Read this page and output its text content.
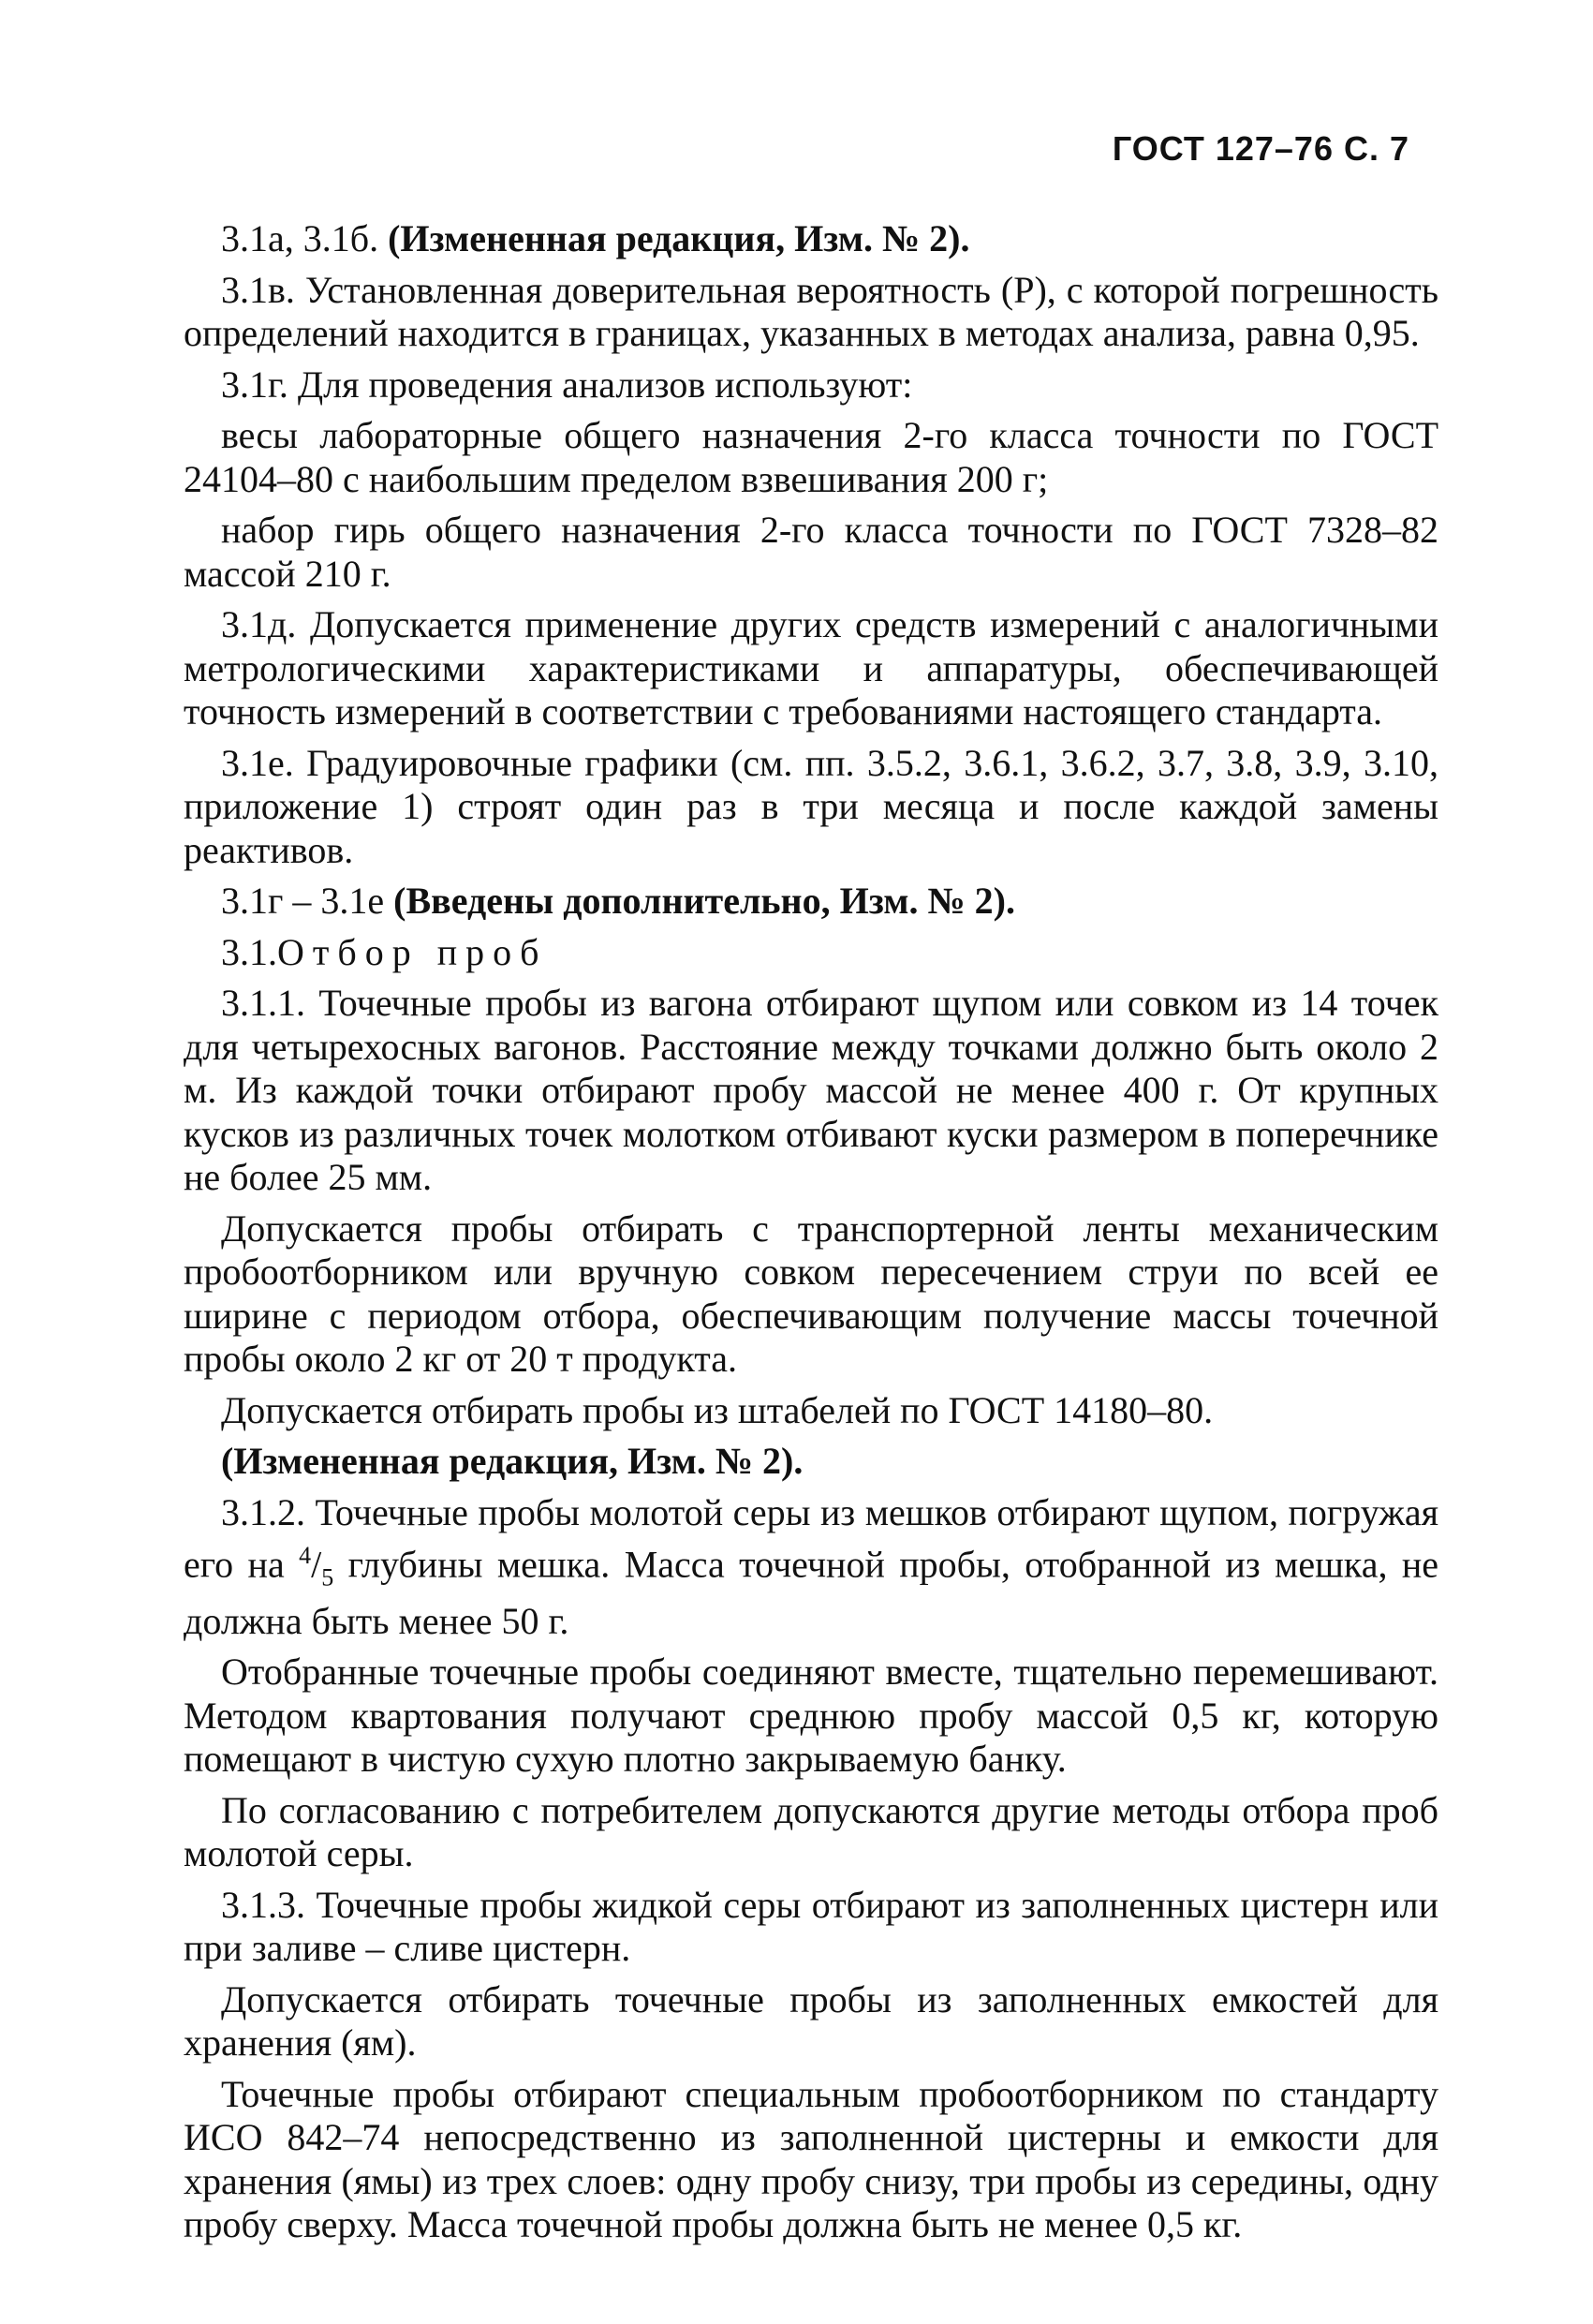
ГОСТ 127–76 С. 7

3.1а, 3.1б. (Измененная редакция, Изм. № 2).

3.1в. Установленная доверительная вероятность (P), с которой погрешность определений находится в границах, указанных в методах анализа, равна 0,95.

3.1г. Для проведения анализов используют:

весы лабораторные общего назначения 2-го класса точности по ГОСТ 24104–80 с наибольшим пределом взвешивания 200 г;

набор гирь общего назначения 2-го класса точности по ГОСТ 7328–82 массой 210 г.

3.1д. Допускается применение других средств измерений с аналогичными метрологическими характеристиками и аппаратуры, обеспечивающей точность измерений в соответствии с требованиями настоящего стандарта.

3.1е. Градуировочные графики (см. пп. 3.5.2, 3.6.1, 3.6.2, 3.7, 3.8, 3.9, 3.10, приложение 1) строят один раз в три месяца и после каждой замены реактивов.

3.1г – 3.1е (Введены дополнительно, Изм. № 2).

3.1.Отбор проб

3.1.1. Точечные пробы из вагона отбирают щупом или совком из 14 точек для четырехосных вагонов. Расстояние между точками должно быть около 2 м. Из каждой точки отбирают пробу массой не менее 400 г. От крупных кусков из различных точек молотком отбивают куски размером в поперечнике не более 25 мм.

Допускается пробы отбирать с транспортерной ленты механическим пробоотборником или вручную совком пересечением струи по всей ее ширине с периодом отбора, обеспечивающим получение массы точечной пробы около 2 кг от 20 т продукта.

Допускается отбирать пробы из штабелей по ГОСТ 14180–80.

(Измененная редакция, Изм. № 2).

3.1.2. Точечные пробы молотой серы из мешков отбирают щупом, погружая его на $^4/_5$ глубины мешка. Масса точечной пробы, отобранной из мешка, не должна быть менее 50 г.

Отобранные точечные пробы соединяют вместе, тщательно перемешивают. Методом квартования получают среднюю пробу массой 0,5 кг, которую помещают в чистую сухую плотно закрываемую банку.

По согласованию с потребителем допускаются другие методы отбора проб молотой серы.

3.1.3. Точечные пробы жидкой серы отбирают из заполненных цистерн или при заливе – сливе цистерн.

Допускается отбирать точечные пробы из заполненных емкостей для хранения (ям).

Точечные пробы отбирают специальным пробоотборником по стандарту ИСО 842–74 непосредственно из заполненной цистерны и емкости для хранения (ямы) из трех слоев: одну пробу снизу, три пробы из середины, одну пробу сверху. Масса точечной пробы должна быть не менее 0,5 кг.
